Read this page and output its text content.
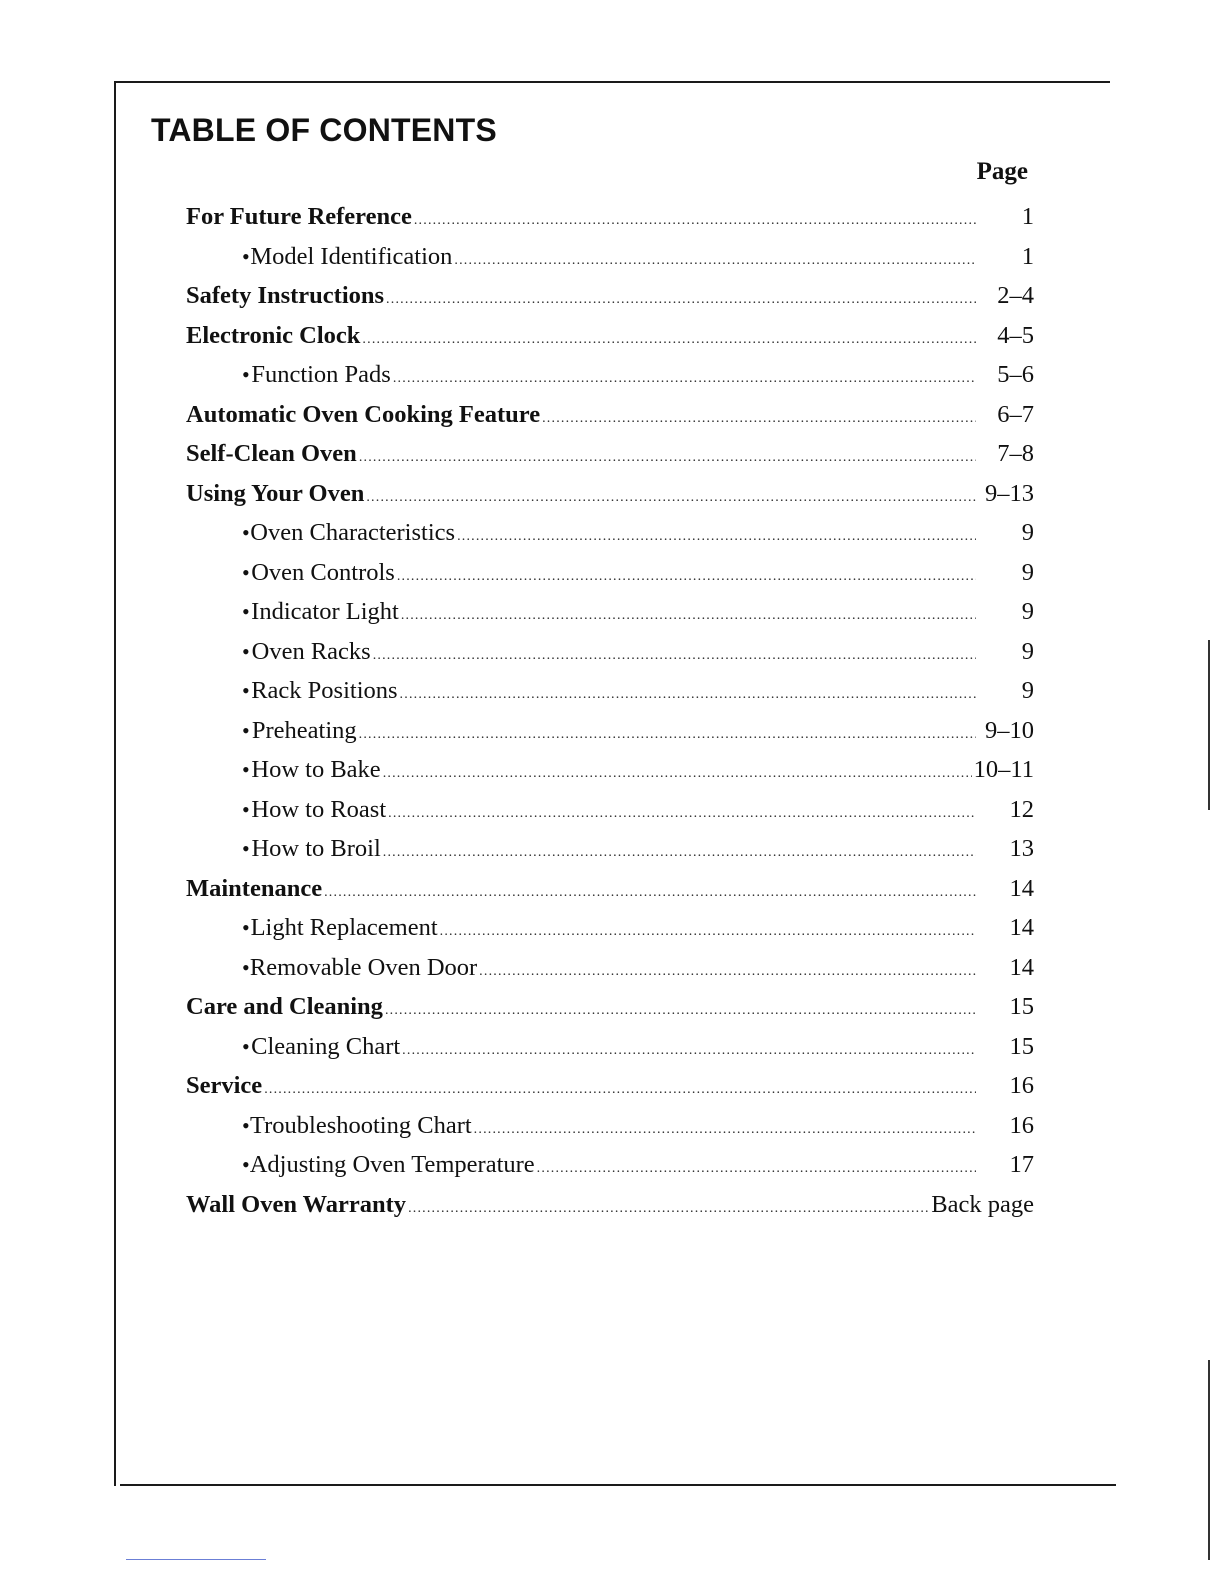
TABLE OF CONTENTS
Page
For Future Reference .....	1
• Model Identification .....	1
Safety Instructions .....	2–4
Electronic Clock .....	4–5
• Function Pads .....	5–6
Automatic Oven Cooking Feature .....	6–7
Self-Clean Oven .....	7–8
Using Your Oven .....	9–13
• Oven Characteristics .....	9
• Oven Controls .....	9
• Indicator Light .....	9
• Oven Racks .....	9
• Rack Positions .....	9
• Preheating .....	9–10
• How to Bake .....	10–11
• How to Roast .....	12
• How to Broil .....	13
Maintenance .....	14
• Light Replacement .....	14
• Removable Oven Door .....	14
Care and Cleaning .....	15
• Cleaning Chart .....	15
Service .....	16
• Troubleshooting Chart .....	16
• Adjusting Oven Temperature .....	17
Wall Oven Warranty .....	Back page
